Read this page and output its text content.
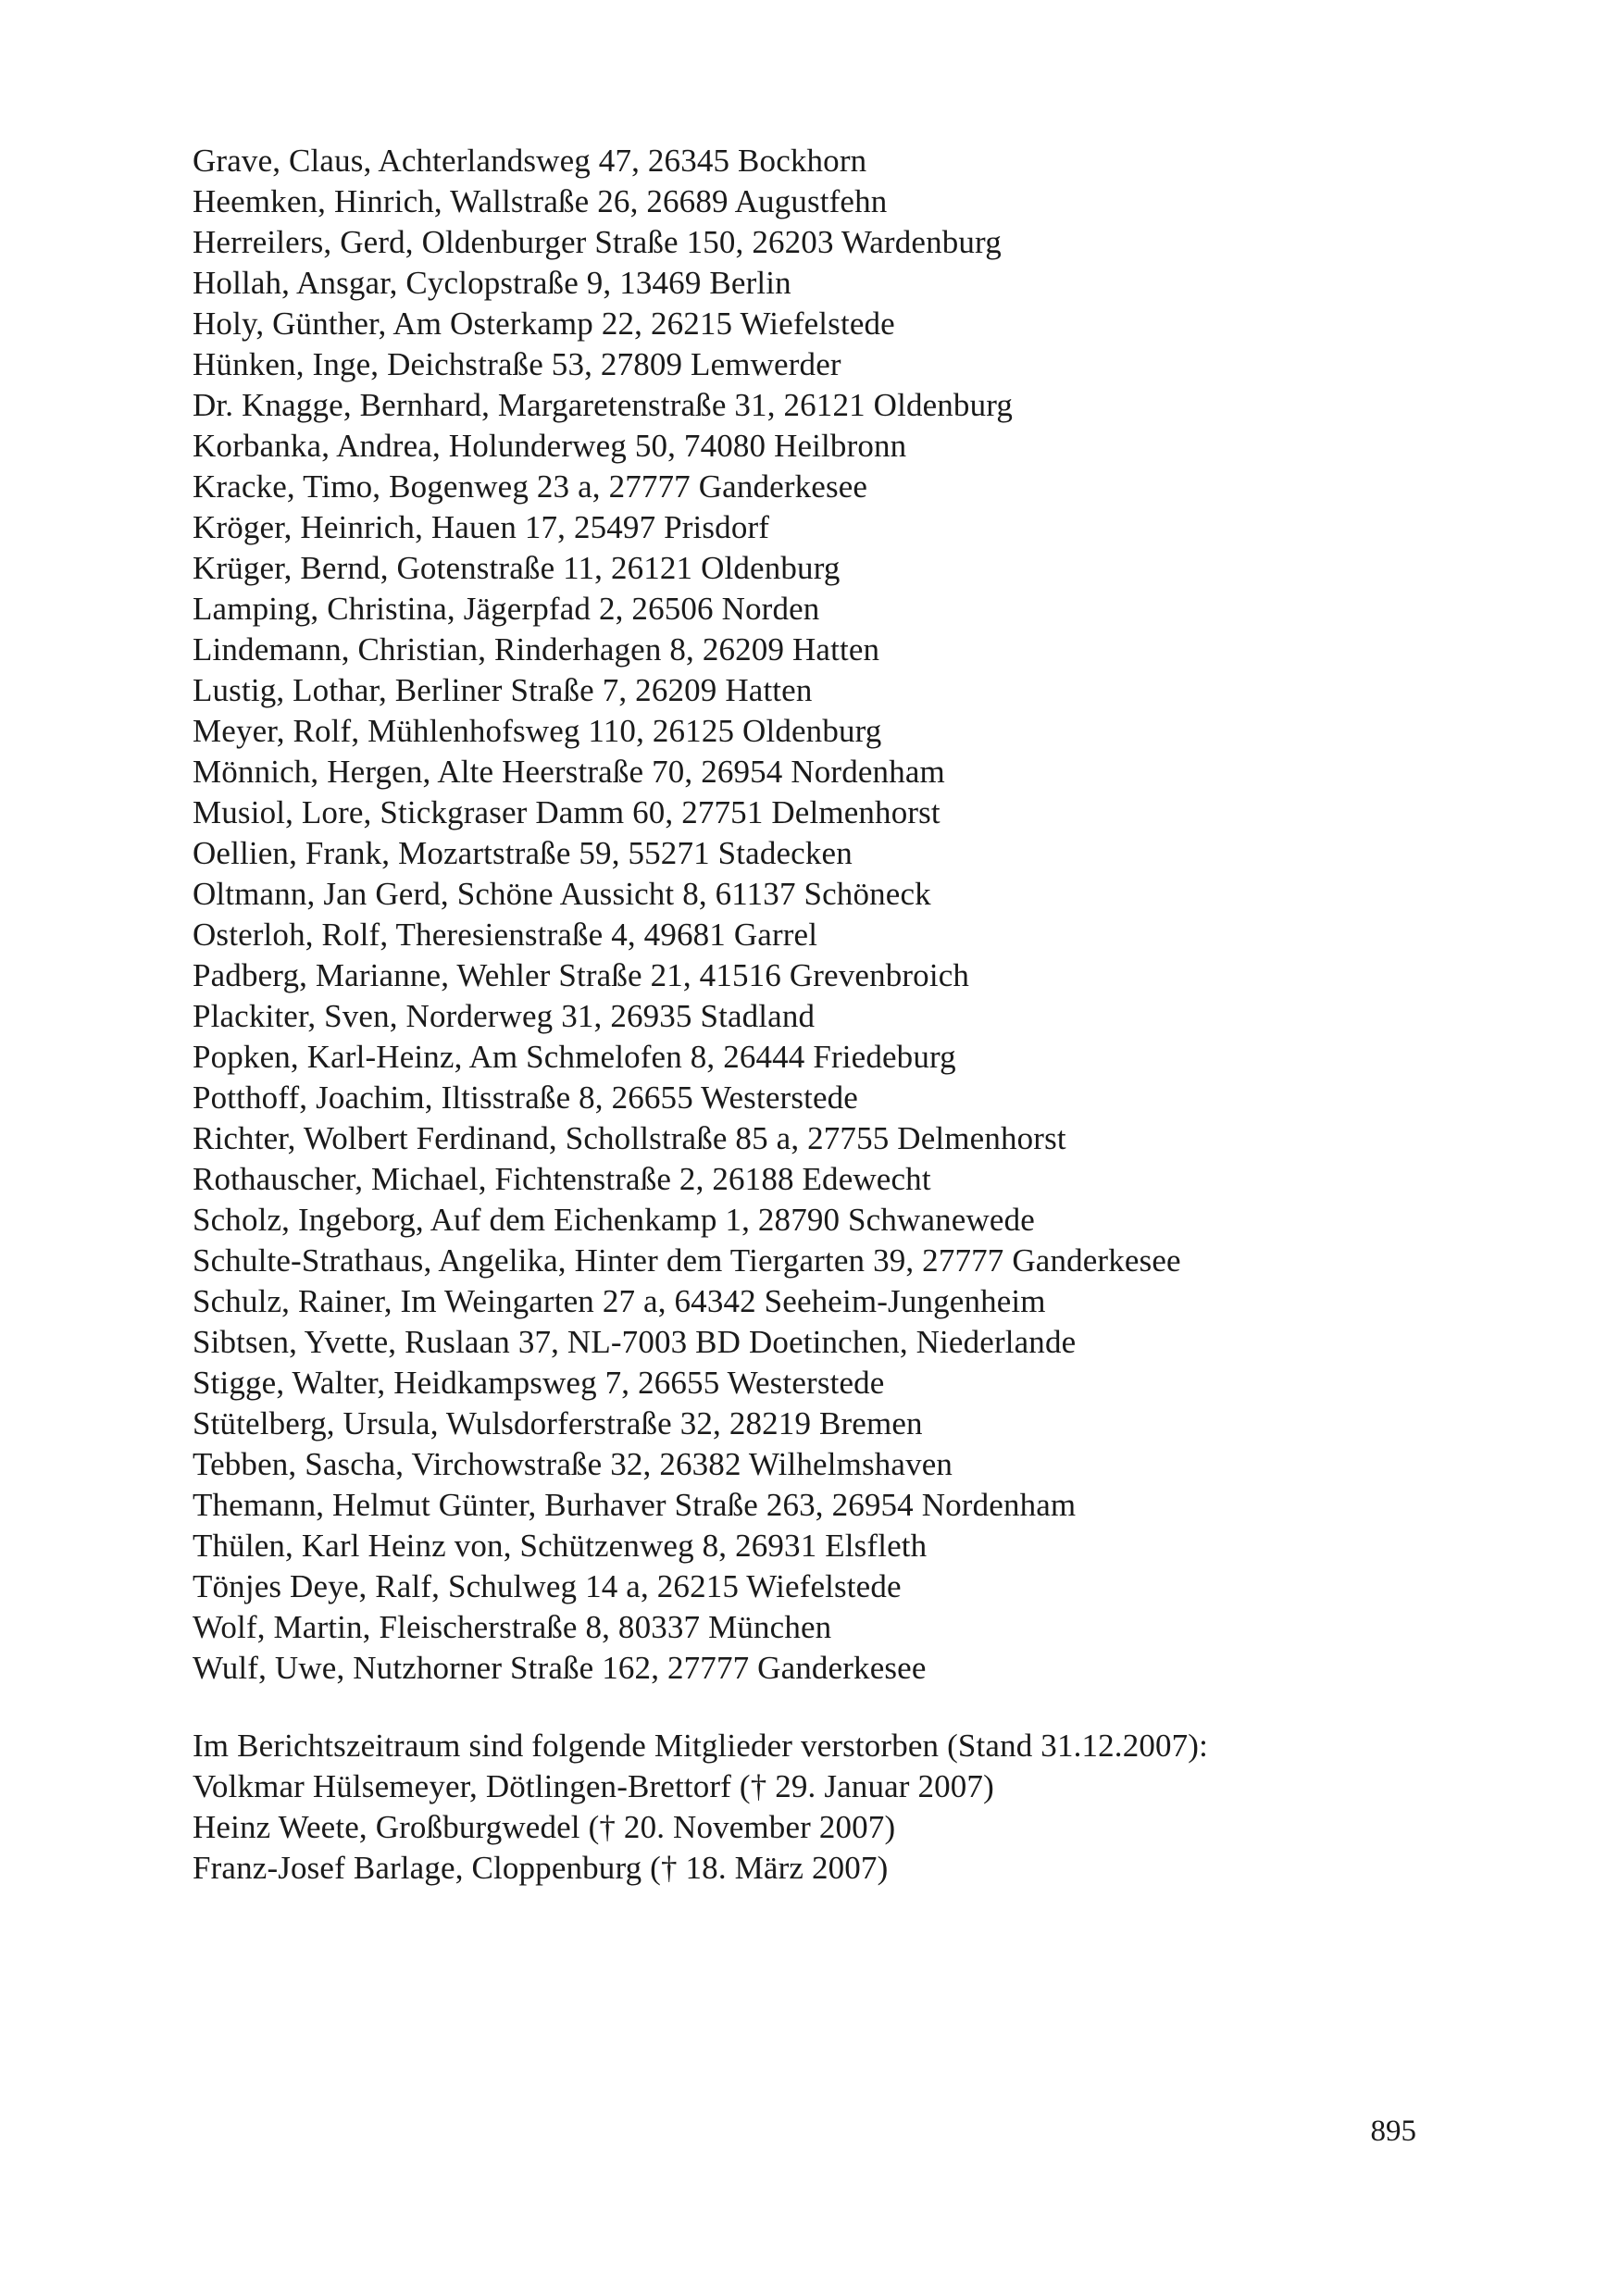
Grave, Claus, Achterlandsweg 47, 26345 Bockhorn
Heemken, Hinrich, Wallstraße 26, 26689 Augustfehn
Herreilers, Gerd, Oldenburger Straße 150, 26203 Wardenburg
Hollah, Ansgar, Cyclopstraße 9, 13469 Berlin
Holy, Günther, Am Osterkamp 22, 26215 Wiefelstede
Hünken, Inge, Deichstraße 53, 27809 Lemwerder
Dr. Knagge, Bernhard, Margaretenstraße 31, 26121 Oldenburg
Korbanka, Andrea, Holunderweg 50, 74080 Heilbronn
Kracke, Timo, Bogenweg 23 a, 27777 Ganderkesee
Kröger, Heinrich, Hauen 17, 25497 Prisdorf
Krüger, Bernd, Gotenstraße 11, 26121 Oldenburg
Lamping, Christina, Jägerpfad 2, 26506 Norden
Lindemann, Christian, Rinderhagen 8, 26209 Hatten
Lustig, Lothar, Berliner Straße 7, 26209 Hatten
Meyer, Rolf, Mühlenhofsweg 110, 26125 Oldenburg
Mönnich, Hergen, Alte Heerstraße 70, 26954 Nordenham
Musiol, Lore, Stickgraser Damm 60, 27751 Delmenhorst
Oellien, Frank, Mozartstraße 59, 55271 Stadecken
Oltmann, Jan Gerd, Schöne Aussicht 8, 61137 Schöneck
Osterloh, Rolf, Theresienstraße 4, 49681 Garrel
Padberg, Marianne, Wehler Straße 21, 41516 Grevenbroich
Plackiter, Sven, Norderweg 31, 26935 Stadland
Popken, Karl-Heinz, Am Schmelofen 8, 26444 Friedeburg
Potthoff, Joachim, Iltisstraße 8, 26655 Westerstede
Richter, Wolbert Ferdinand, Schollstraße 85 a, 27755 Delmenhorst
Rothauscher, Michael, Fichtenstraße 2, 26188 Edewecht
Scholz, Ingeborg, Auf dem Eichenkamp 1, 28790 Schwanewede
Schulte-Strathaus, Angelika, Hinter dem Tiergarten 39, 27777 Ganderkesee
Schulz, Rainer, Im Weingarten 27 a, 64342 Seeheim-Jungenheim
Sibtsen, Yvette, Ruslaan 37, NL-7003 BD Doetinchen, Niederlande
Stigge, Walter, Heidkampsweg 7, 26655 Westerstede
Stütelberg, Ursula, Wulsdorferstraße 32, 28219 Bremen
Tebben, Sascha, Virchowstraße 32, 26382 Wilhelmshaven
Themann, Helmut Günter, Burhaver Straße 263, 26954 Nordenham
Thülen, Karl Heinz von, Schützenweg 8, 26931 Elsfleth
Tönjes Deye, Ralf, Schulweg 14 a, 26215 Wiefelstede
Wolf, Martin, Fleischerstraße 8, 80337 München
Wulf, Uwe, Nutzhorner Straße 162, 27777 Ganderkesee

Im Berichtszeitraum sind folgende Mitglieder verstorben (Stand 31.12.2007):

Volkmar Hülsemeyer, Dötlingen-Brettorf († 29. Januar 2007)
Heinz Weete, Großburgwedel († 20. November 2007)
Franz-Josef Barlage, Cloppenburg († 18. März 2007)
895
